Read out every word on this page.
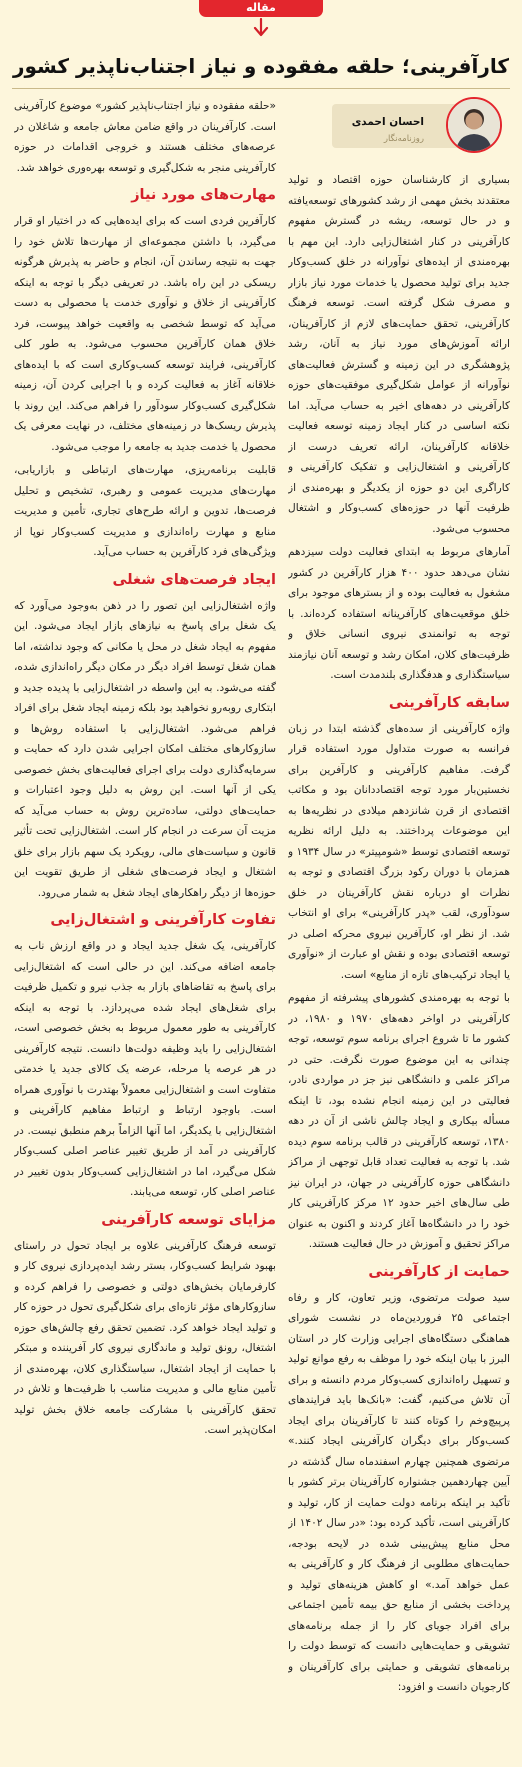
مقاله
کارآفرینی؛ حلقه مفقوده و نیاز اجتناب‌ناپذیر کشور
احسان احمدی
روزنامه‌نگار

بسیاری از کارشناسان حوزه اقتصاد و تولید معتقدند بخش مهمی از رشد کشورهای توسعه‌یافته و در حال توسعه، ریشه در گسترش مفهوم کارآفرینی در کنار اشتغال‌زایی دارد. این مهم با بهره‌مندی از ایده‌های نوآورانه در خلق کسب‌وکار جدید برای تولید محصول یا خدمات مورد نیاز بازار و مصرف شکل گرفته است. توسعه فرهنگ کارآفرینی، تحقق حمایت‌های لازم از کارآفرینان، ارائه آموزش‌های مورد نیاز به آنان، رشد پژوهشگری در این زمینه و گسترش فعالیت‌های نوآورانه از عوامل شکل‌گیری موفقیت‌های حوزه کارآفرینی در دهه‌های اخیر به حساب می‌آید. اما نکته اساسی در کنار ایجاد زمینه توسعه فعالیت خلاقانه کارآفرینان، ارائه تعریف درست از کارآفرینی و اشتغال‌زایی و تفکیک کارآفرینی و کاراگری این دو حوزه از یکدیگر و بهره‌مندی از ظرفیت آنها در حوزه‌های کسب‌وکار و اشتغال محسوب می‌شود.

آمارهای مربوط به ابتدای فعالیت دولت سیزدهم نشان می‌دهد حدود ۴۰۰ هزار کارآفرین در کشور مشغول به فعالیت بوده و از بسترهای موجود برای خلق موقعیت‌های کارآفرینانه استفاده کرده‌اند. با توجه به توانمندی نیروی انسانی خلاق و ظرفیت‌های کلان، امکان رشد و توسعه آنان نیازمند سیاستگذاری و هدفگذاری بلندمدت است.

سابقه کارآفرینی

واژه کارآفرینی از سده‌های گذشته ابتدا در زبان فرانسه به صورت متداول مورد استفاده قرار گرفت. مفاهیم کارآفرینی و کارآفرین برای نخستین‌بار مورد توجه اقتصاددانان بود و مکاتب اقتصادی از قرن شانزدهم میلادی در نظریه‌ها به این موضوعات پرداختند. به دلیل ارائه نظریه توسعه اقتصادی توسط «شومپیتر» در سال ۱۹۳۴ و همزمان با دوران رکود بزرگ اقتصادی و توجه به نظرات او درباره نقش کارآفرینان در خلق سودآوری، لقب «پدر کارآفرینی» برای او انتخاب شد. از نظر او، کارآفرین نیروی محرکه اصلی در توسعه اقتصادی بوده و نقش او عبارت از «نوآوری یا ایجاد ترکیب‌های تازه از منابع» است.

با توجه به بهره‌مندی کشورهای پیشرفته از مفهوم کارآفرینی در اواخر دهه‌های ۱۹۷۰ و ۱۹۸۰، در کشور ما تا شروع اجرای برنامه سوم توسعه، توجه چندانی به این موضوع صورت نگرفت. حتی در مراکز علمی و دانشگاهی نیز جز در مواردی نادر، فعالیتی در این زمینه انجام نشده بود، تا اینکه مسأله بیکاری و ایجاد چالش ناشی از آن در دهه ۱۳۸۰، توسعه کارآفرینی در قالب برنامه سوم دیده شد. با توجه به فعالیت تعداد قابل توجهی از مراکز دانشگاهی حوزه کارآفرینی در جهان، در ایران نیز طی سال‌های اخیر حدود ۱۲ مرکز کارآفرینی کار خود را در دانشگاه‌ها آغاز کردند و اکنون به عنوان مراکز تحقیق و آموزش در حال فعالیت هستند.

حمایت از کارآفرینی

سید صولت مرتضوی، وزیر تعاون، کار و رفاه اجتماعی ۲۵ فروردین‌ماه در نشست شورای هماهنگی دستگاه‌های اجرایی وزارت کار در استان البرز با بیان اینکه خود را موظف به رفع موانع تولید و تسهیل راه‌اندازی کسب‌وکار مردم دانسته و برای آن تلاش می‌کنیم، گفت: «بانک‌ها باید فرایندهای پرپیچ‌وخم را کوتاه کنند تا کارآفرینان برای ایجاد کسب‌وکار برای دیگران کارآفرینی ایجاد کنند.» مرتضوی همچنین چهارم اسفندماه سال گذشته در آیین چهاردهمین جشنواره کارآفرینان برتر کشور با تأکید بر اینکه برنامه دولت حمایت از کار، تولید و کارآفرینی است، تأکید کرده بود: «در سال ۱۴۰۲ از محل منابع پیش‌بینی شده در لایحه بودجه، حمایت‌های مطلوبی از فرهنگ کار و کارآفرینی به عمل خواهد آمد.» او کاهش هزینه‌های تولید و پرداخت بخشی از منابع حق بیمه تأمین اجتماعی برای افراد جویای کار را از جمله برنامه‌های تشویقی و حمایت‌هایی دانست که توسط دولت را برنامه‌های تشویقی و حمایتی برای کارآفرینان و کارجویان دانست و افزود:

«حلقه مفقوده و نیاز اجتناب‌ناپذیر کشور» موضوع کارآفرینی است. کارآفرینان در واقع ضامن معاش جامعه و شاغلان در عرصه‌های مختلف هستند و خروجی اقدامات در حوزه کارآفرینی منجر به شکل‌گیری و توسعه بهره‌وری خواهد شد.

مهارت‌های مورد نیاز

کارآفرین فردی است که برای ایده‌هایی که در اختیار او قرار می‌گیرد، با داشتن مجموعه‌ای از مهارت‌ها تلاش خود را جهت به نتیجه رساندن آن، انجام و حاضر به پذیرش هرگونه ریسکی در این راه باشد. در تعریفی دیگر با توجه به اینکه کارآفرینی از خلاق و نوآوری خدمت یا محصولی به دست می‌آید که توسط شخصی به واقعیت خواهد پیوست، فرد خلاق همان کارآفرین محسوب می‌شود. به طور کلی کارآفرینی، فرایند توسعه کسب‌وکاری است که با ایده‌های خلاقانه آغاز به فعالیت کرده و با اجرایی کردن آن، زمینه شکل‌گیری کسب‌وکار سودآور را فراهم می‌کند. این روند با پذیرش ریسک‌ها در زمینه‌های مختلف، در نهایت معرفی یک محصول یا خدمت جدید به جامعه را موجب می‌شود.

قابلیت برنامه‌ریزی، مهارت‌های ارتباطی و بازاریابی، مهارت‌های مدیریت عمومی و رهبری، تشخیص و تحلیل فرصت‌ها، تدوین و ارائه طرح‌های تجاری، تأمین و مدیریت منابع و مهارت راه‌اندازی و مدیریت کسب‌وکار نوپا از ویژگی‌های فرد کارآفرین به حساب می‌آید.

ایجاد فرصت‌های شغلی

واژه اشتغال‌زایی این تصور را در ذهن به‌وجود می‌آورد که یک شغل برای پاسخ به نیازهای بازار ایجاد می‌شود. این مفهوم به ایجاد شغل در محل یا مکانی که وجود نداشته، اما همان شغل توسط افراد دیگر در مکان دیگر راه‌اندازی شده، گفته می‌شود. به این واسطه در اشتغال‌زایی با پدیده جدید و ابتکاری روبه‌رو نخواهید بود بلکه زمینه ایجاد شغل برای افراد فراهم می‌شود. اشتغال‌زایی با استفاده روش‌ها و سازوکارهای مختلف امکان اجرایی شدن دارد که حمایت و سرمایه‌گذاری دولت برای اجرای فعالیت‌های بخش خصوصی یکی از آنها است. این روش به دلیل وجود اعتبارات و حمایت‌های دولتی، ساده‌ترین روش به حساب می‌آید که مزیت آن سرعت در انجام کار است. اشتغال‌زایی تحت تأثیر قانون و سیاست‌های مالی، رویکرد یک سهم بازار برای خلق اشتغال و ایجاد فرصت‌های شغلی از طریق تقویت این حوزه‌ها از دیگر راهکارهای ایجاد شغل به شمار می‌رود.

تفاوت کارآفرینی و اشتغال‌زایی

کارآفرینی، یک شغل جدید ایجاد و در واقع ارزش ناب به جامعه اضافه می‌کند. این در حالی است که اشتغال‌زایی برای پاسخ به تقاضاهای بازار به جذب نیرو و تکمیل ظرفیت برای شغل‌های ایجاد شده می‌پردازد. با توجه به اینکه کارآفرینی به طور معمول مربوط به بخش خصوصی است، اشتغال‌زایی را باید وظیفه دولت‌ها دانست. نتیجه کارآفرینی در هر عرصه یا مرحله، عرضه یک کالای جدید یا خدمتی متفاوت است و اشتغال‌زایی معمولاً بهتدرت با نوآوری همراه است. باوجود ارتباط و ارتباط مفاهیم کارآفرینی و اشتغال‌زایی با یکدیگر، اما آنها الزاماً برهم منطبق نیست. در کارآفرینی در آمد از طریق تغییر عناصر اصلی کسب‌وکار شکل می‌گیرد، اما در اشتغال‌زایی کسب‌وکار بدون تغییر در عناصر اصلی کار، توسعه می‌یابند.

مزایای توسعه کارآفرینی

توسعه فرهنگ کارآفرینی علاوه بر ایجاد تحول در راستای بهبود شرایط کسب‌وکار، بستر رشد ایده‌پردازی نیروی کار و کارفرمایان بخش‌های دولتی و خصوصی را فراهم کرده و سازوکارهای مؤثر تازه‌ای برای شکل‌گیری تحول در حوزه کار و تولید ایجاد خواهد کرد. تضمین تحقق رفع چالش‌های حوزه اشتغال، رونق تولید و ماندگاری نیروی کار آفریننده و مبتکر با حمایت از ایجاد اشتغال، سیاستگذاری کلان، بهره‌مندی از تأمین منابع مالی و مدیریت مناسب با ظرفیت‌ها و تلاش در تحقق کارآفرینی با مشارکت جامعه خلاق بخش تولید امکان‌پذیر است.
